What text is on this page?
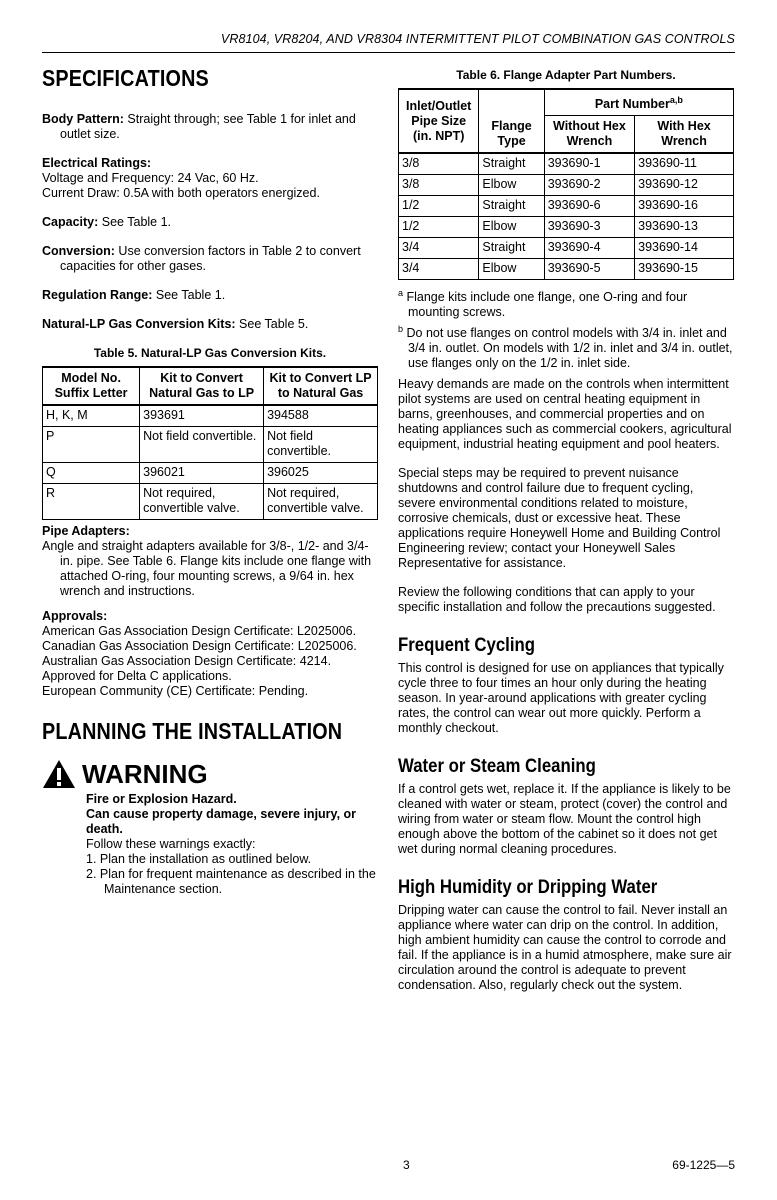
VR8104, VR8204, AND VR8304 INTERMITTENT PILOT COMBINATION GAS CONTROLS
SPECIFICATIONS

Body Pattern: Straight through; see Table 1 for inlet and outlet size.

Electrical Ratings:
Voltage and Frequency: 24 Vac, 60 Hz.
Current Draw: 0.5A with both operators energized.

Capacity: See Table 1.

Conversion: Use conversion factors in Table 2 to convert capacities for other gases.

Regulation Range: See Table 1.

Natural-LP Gas Conversion Kits: See Table 5.

Table 5. Natural-LP Gas Conversion Kits.
Model No. Suffix Letter	Kit to Convert Natural Gas to LP	Kit to Convert LP to Natural Gas
H, K, M	393691	394588
P	Not field convertible.	Not field convertible.
Q	396021	396025
R	Not required, convertible valve.	Not required, convertible valve.
Pipe Adapters:
Angle and straight adapters available for 3/8-, 1/2- and 3/4-in. pipe. See Table 6. Flange kits include one flange with attached O-ring, four mounting screws, a 9/64 in. hex wrench and instructions.
Approvals:
American Gas Association Design Certificate: L2025006.
Canadian Gas Association Design Certificate: L2025006.
Australian Gas Association Design Certificate: 4214.
Approved for Delta C applications.
European Community (CE) Certificate: Pending.
PLANNING THE INSTALLATION
WARNING
Fire or Explosion Hazard.
Can cause property damage, severe injury, or death.
Follow these warnings exactly:
1. Plan the installation as outlined below.
2. Plan for frequent maintenance as described in the Maintenance section.
Table 6. Flange Adapter Part Numbers.
Inlet/Outlet Pipe Size (in. NPT)	Flange Type	Part Number$^{a,b}$
		Without Hex Wrench	With Hex Wrench
3/8	Straight	393690-1	393690-11
3/8	Elbow	393690-2	393690-12
1/2	Straight	393690-6	393690-16
1/2	Elbow	393690-3	393690-13
3/4	Straight	393690-4	393690-14
3/4	Elbow	393690-5	393690-15

$^a$ Flange kits include one flange, one O-ring and four mounting screws.

$^b$ Do not use flanges on control models with 3/4 in. inlet and 3/4 in. outlet. On models with 1/2 in. inlet and 3/4 in. outlet, use flanges only on the 1/2 in. inlet side.

Heavy demands are made on the controls when intermittent pilot systems are used on central heating equipment in barns, greenhouses, and commercial properties and on heating appliances such as commercial cookers, agricultural equipment, industrial heating equipment and pool heaters.

Special steps may be required to prevent nuisance shutdowns and control failure due to frequent cycling, severe environmental conditions related to moisture, corrosive chemicals, dust or excessive heat. These applications require Honeywell Home and Building Control Engineering review; contact your Honeywell Sales Representative for assistance.

Review the following conditions that can apply to your specific installation and follow the precautions suggested.

Frequent Cycling

This control is designed for use on appliances that typically cycle three to four times an hour only during the heating season. In year-around applications with greater cycling rates, the control can wear out more quickly. Perform a monthly checkout.

Water or Steam Cleaning

If a control gets wet, replace it. If the appliance is likely to be cleaned with water or steam, protect (cover) the control and wiring from water or steam flow. Mount the control high enough above the bottom of the cabinet so it does not get wet during normal cleaning procedures.

High Humidity or Dripping Water

Dripping water can cause the control to fail. Never install an appliance where water can drip on the control. In addition, high ambient humidity can cause the control to corrode and fail. If the appliance is in a humid atmosphere, make sure air circulation around the control is adequate to prevent condensation. Also, regularly check out the system.

3	69-1225—5
